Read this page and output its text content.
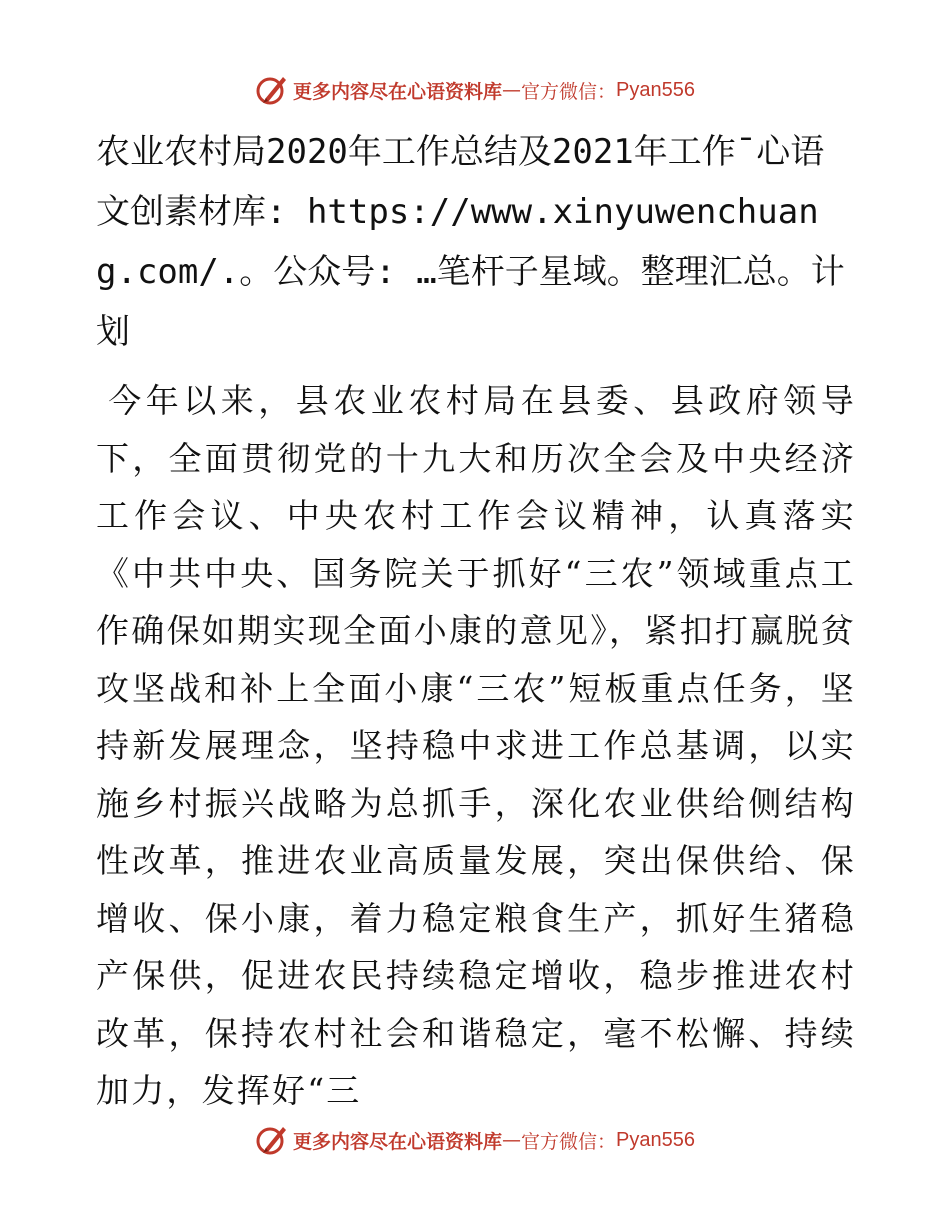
更多内容尽在心语资料库 — 官方微信： Pyan556
农业农村局2020年工作总结及2021年工作¯心语文创素材库: https://www.xinyuwenchuang.com/.。公众号: …笔杆子星域。整理汇总。计划

今年以来，县农业农村局在县委、县政府领导下，全面贯彻党的十九大和历次全会及中央经济工作会议、中央农村工作会议精神，认真落实《中共中央、国务院关于抓好“三农”领域重点工作确保如期实现全面小康的意见》，紧扣打赢脱贫攻坚战和补上全面小康“三农”短板重点任务，坚持新发展理念，坚持稳中求进工作总基调，以实施乡村振兴战略为总抓手，深化农业供给侧结构性改革，推进农业高质量发展，突出保供给、保增收、保小康，着力稳定粮食生产，抓好生猪稳产保供，促进农民持续稳定增收，稳步推进农村改革，保持农村社会和谐稳定，毫不松懈、持续加力，发挥好“三

更多内容尽在心语资料库 — 官方微信： Pyan556
